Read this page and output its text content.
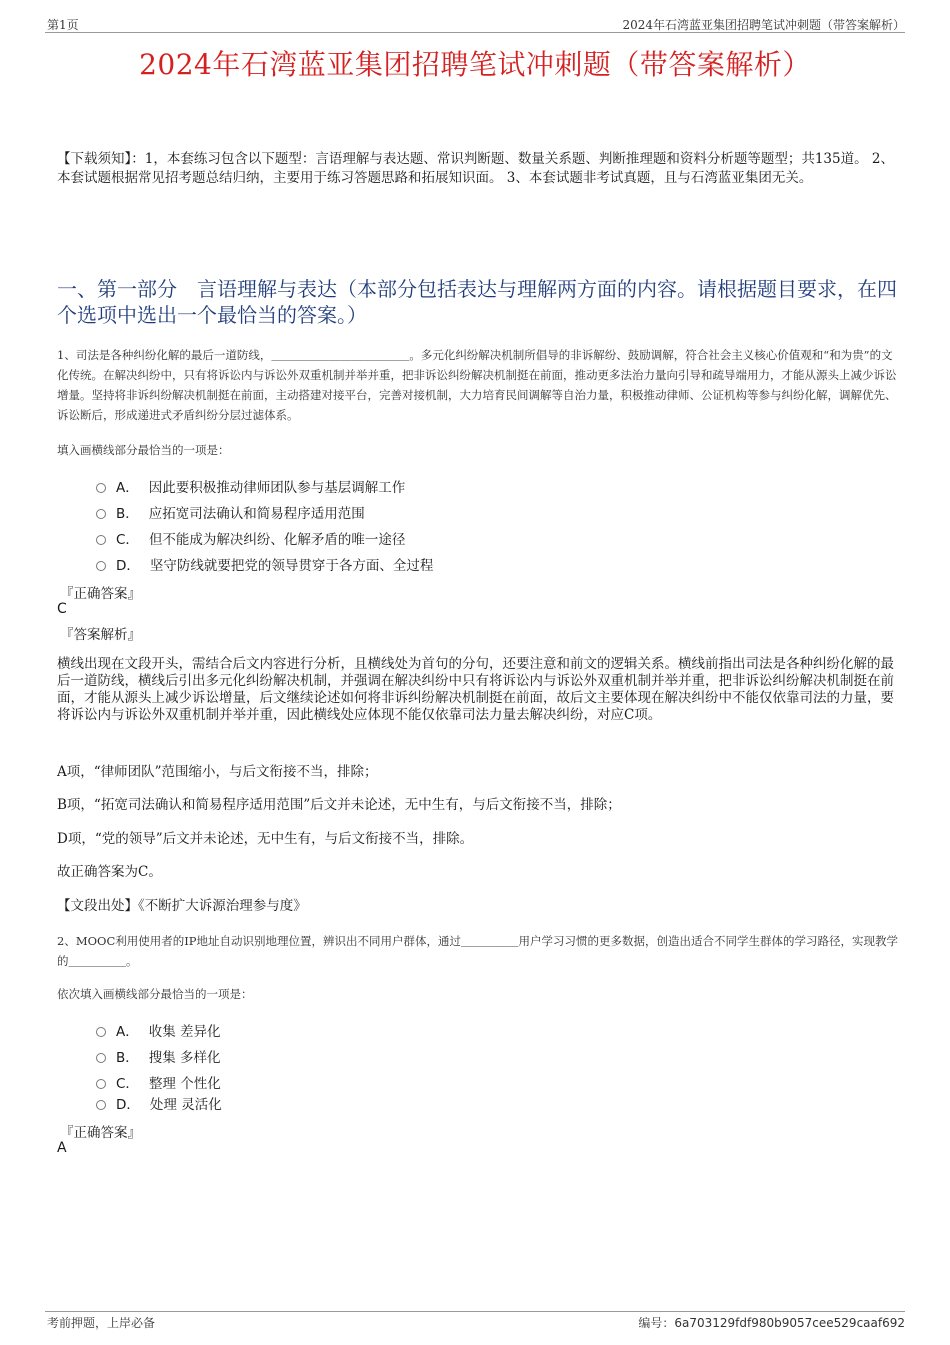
第1页	2024年石湾蓝亚集团招聘笔试冲刺题（带答案解析）
2024年石湾蓝亚集团招聘笔试冲刺题（带答案解析）
【下载须知】：1，本套练习包含以下题型：言语理解与表达题、常识判断题、数量关系题、判断推理题和资料分析题等题型；共135道。 2、本套试题根据常见招考题总结归纳，主要用于练习答题思路和拓展知识面。 3、本套试题非考试真题，且与石湾蓝亚集团无关。
一、第一部分　言语理解与表达（本部分包括表达与理解两方面的内容。请根据题目要求，在四个选项中选出一个最恰当的答案。）
1、司法是各种纠纷化解的最后一道防线，＿＿＿＿＿＿＿＿＿＿＿＿。多元化纠纷解决机制所倡导的非诉解纷、鼓励调解，符合社会主义核心价值观和“和为贵”的文化传统。在解决纠纷中，只有将诉讼内与诉讼外双重机制并举并重，把非诉讼纠纷解决机制挺在前面，推动更多法治力量向引导和疏导端用力，才能从源头上减少诉讼增量。坚持将非诉纠纷解决机制挺在前面，主动搭建对接平台，完善对接机制，大力培育民间调解等自治力量，积极推动律师、公证机构等参与纠纷化解，调解优先、诉讼断后，形成递进式矛盾纠纷分层过滤体系。
填入画横线部分最恰当的一项是：
A． 因此要积极推动律师团队参与基层调解工作
B． 应拓宽司法确认和简易程序适用范围
C． 但不能成为解决纠纷、化解矛盾的唯一途径
D． 坚守防线就要把党的领导贯穿于各方面、全过程
『正确答案』
C
『答案解析』
横线出现在文段开头，需结合后文内容进行分析，且横线处为首句的分句，还要注意和前文的逻辑关系。横线前指出司法是各种纠纷化解的最后一道防线，横线后引出多元化纠纷解决机制，并强调在解决纠纷中只有将诉讼内与诉讼外双重机制并举并重，把非诉讼纠纷解决机制挺在前面，才能从源头上减少诉讼增量，后文继续论述如何将非诉纠纷解决机制挺在前面，故后文主要体现在解决纠纷中不能仅依靠司法的力量，要将诉讼内与诉讼外双重机制并举并重，因此横线处应体现不能仅依靠司法力量去解决纠纷，对应C项。
A项，“律师团队”范围缩小，与后文衔接不当，排除；
B项，“拓宽司法确认和简易程序适用范围”后文并未论述，无中生有，与后文衔接不当，排除；
D项，“党的领导”后文并未论述，无中生有，与后文衔接不当，排除。
故正确答案为C。
【文段出处】《不断扩大诉源治理参与度》
2、MOOC利用使用者的IP地址自动识别地理位置，辨识出不同用户群体，通过＿＿＿＿＿用户学习习惯的更多数据，创造出适合不同学生群体的学习路径，实现教学的＿＿＿＿＿。
依次填入画横线部分最恰当的一项是：
A． 收集 差异化
B． 搜集 多样化
C． 整理 个性化
D． 处理 灵活化
『正确答案』
A
考前押题，上岸必备	编号：6a703129fdf980b9057cee529caaf692
